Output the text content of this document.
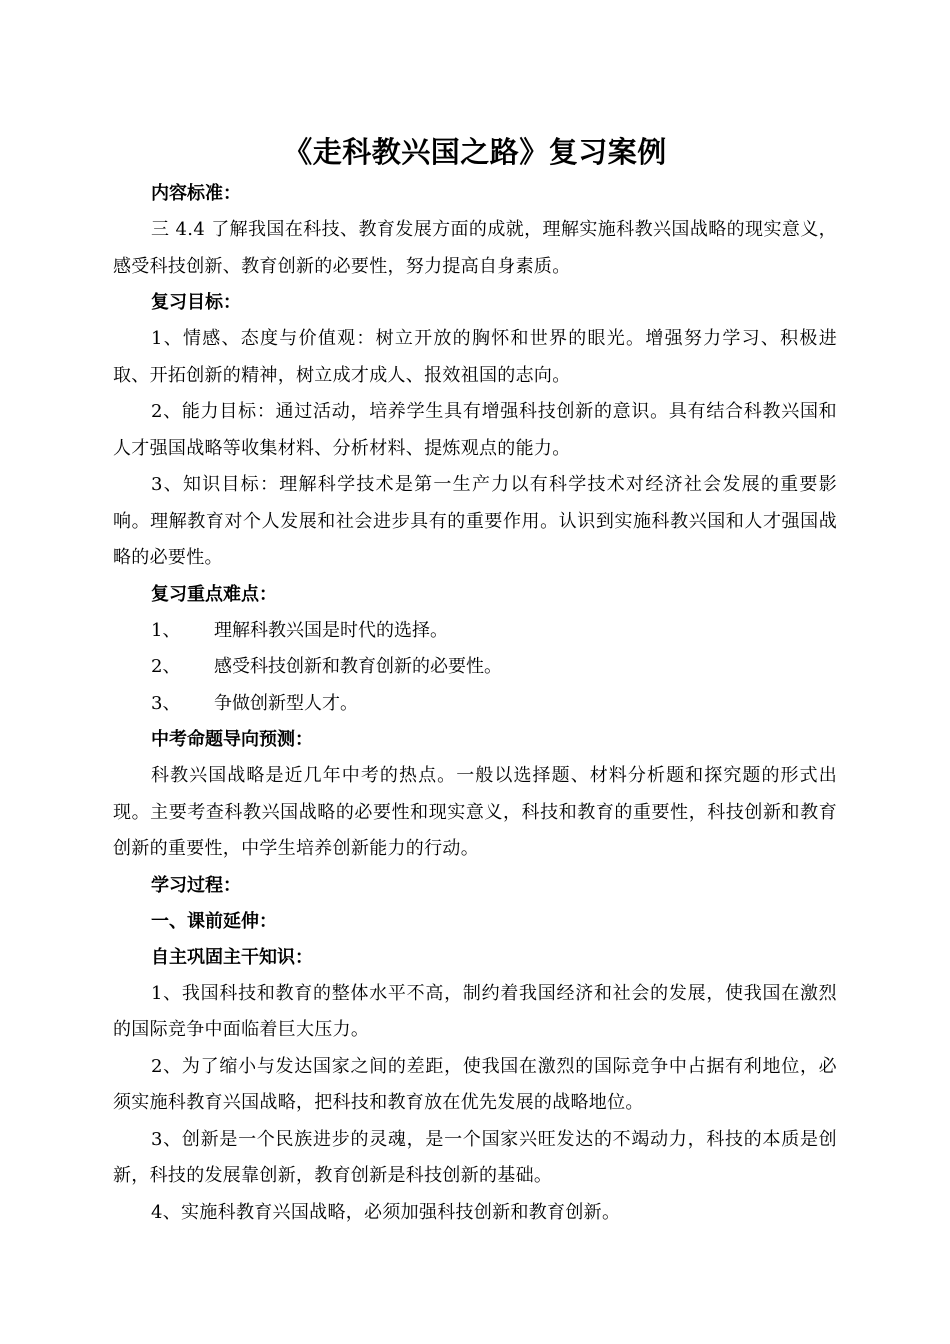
《走科教兴国之路》复习案例

内容标准：

三 4.4 了解我国在科技、教育发展方面的成就，理解实施科教兴国战略的现实意义，感受科技创新、教育创新的必要性，努力提高自身素质。

复习目标：

1、情感、态度与价值观：树立开放的胸怀和世界的眼光。增强努力学习、积极进取、开拓创新的精神，树立成才成人、报效祖国的志向。

2、能力目标：通过活动，培养学生具有增强科技创新的意识。具有结合科教兴国和人才强国战略等收集材料、分析材料、提炼观点的能力。

3、知识目标：理解科学技术是第一生产力以有科学技术对经济社会发展的重要影响。理解教育对个人发展和社会进步具有的重要作用。认识到实施科教兴国和人才强国战略的必要性。

复习重点难点：

1、	理解科教兴国是时代的选择。
2、	感受科技创新和教育创新的必要性。
3、	争做创新型人才。

中考命题导向预测：

科教兴国战略是近几年中考的热点。一般以选择题、材料分析题和探究题的形式出现。主要考查科教兴国战略的必要性和现实意义，科技和教育的重要性，科技创新和教育创新的重要性，中学生培养创新能力的行动。

学习过程：

一、课前延伸：

自主巩固主干知识：

1、我国科技和教育的整体水平不高，制约着我国经济和社会的发展，使我国在激烈的国际竞争中面临着巨大压力。

2、为了缩小与发达国家之间的差距，使我国在激烈的国际竞争中占据有利地位，必须实施科教育兴国战略，把科技和教育放在优先发展的战略地位。

3、创新是一个民族进步的灵魂，是一个国家兴旺发达的不竭动力，科技的本质是创新，科技的发展靠创新，教育创新是科技创新的基础。

4、实施科教育兴国战略，必须加强科技创新和教育创新。
